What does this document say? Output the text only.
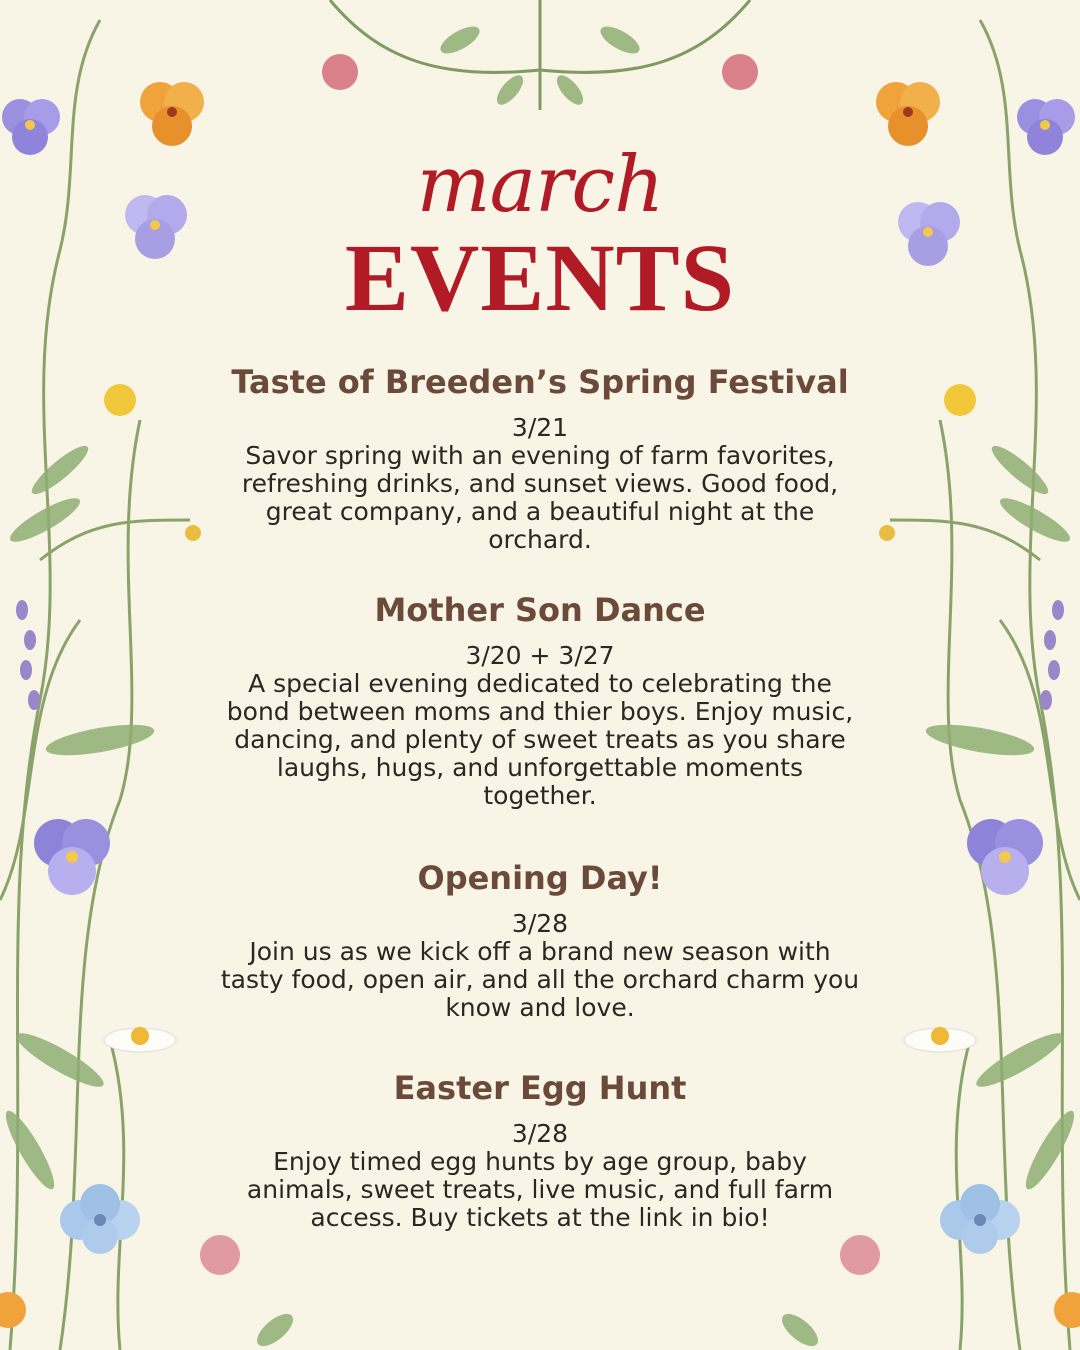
march
EVENTS
Taste of Breeden’s Spring Festival
3/21
Savor spring with an evening of farm favorites, refreshing drinks, and sunset views. Good food, great company, and a beautiful night at the orchard.
Mother Son Dance
3/20 + 3/27
A special evening dedicated to celebrating the bond between moms and thier boys. Enjoy music, dancing, and plenty of sweet treats as you share laughs, hugs, and unforgettable moments together.
Opening Day!
3/28
Join us as we kick off a brand new season with tasty food, open air, and all the orchard charm you know and love.
Easter Egg Hunt
3/28
Enjoy timed egg hunts by age group, baby animals, sweet treats, live music, and full farm access. Buy tickets at the link in bio!
